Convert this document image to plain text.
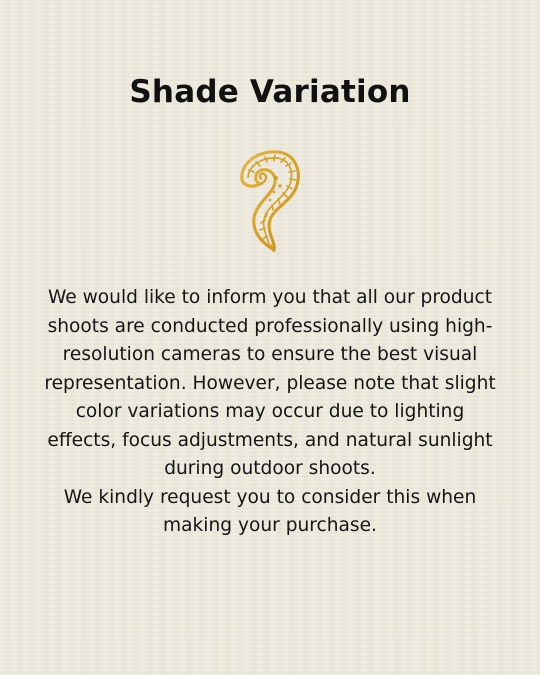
Shade Variation

We would like to inform you that all our product shoots are conducted professionally using high-resolution cameras to ensure the best visual representation. However, please note that slight color variations may occur due to lighting effects, focus adjustments, and natural sunlight during outdoor shoots.

We kindly request you to consider this when making your purchase.
